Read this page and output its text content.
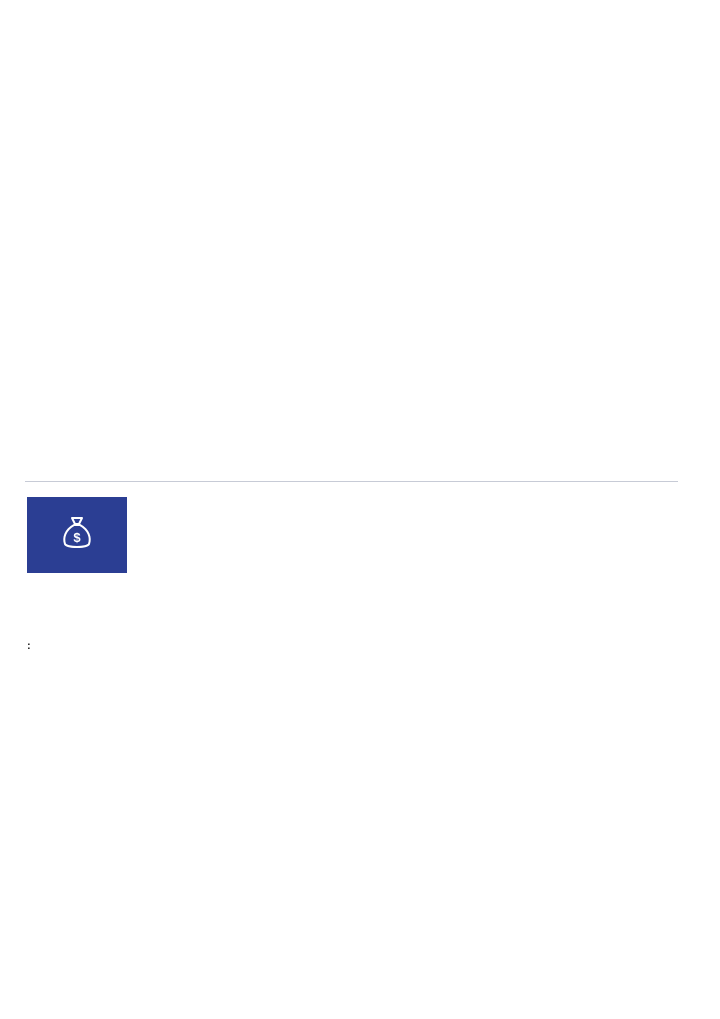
$
:
